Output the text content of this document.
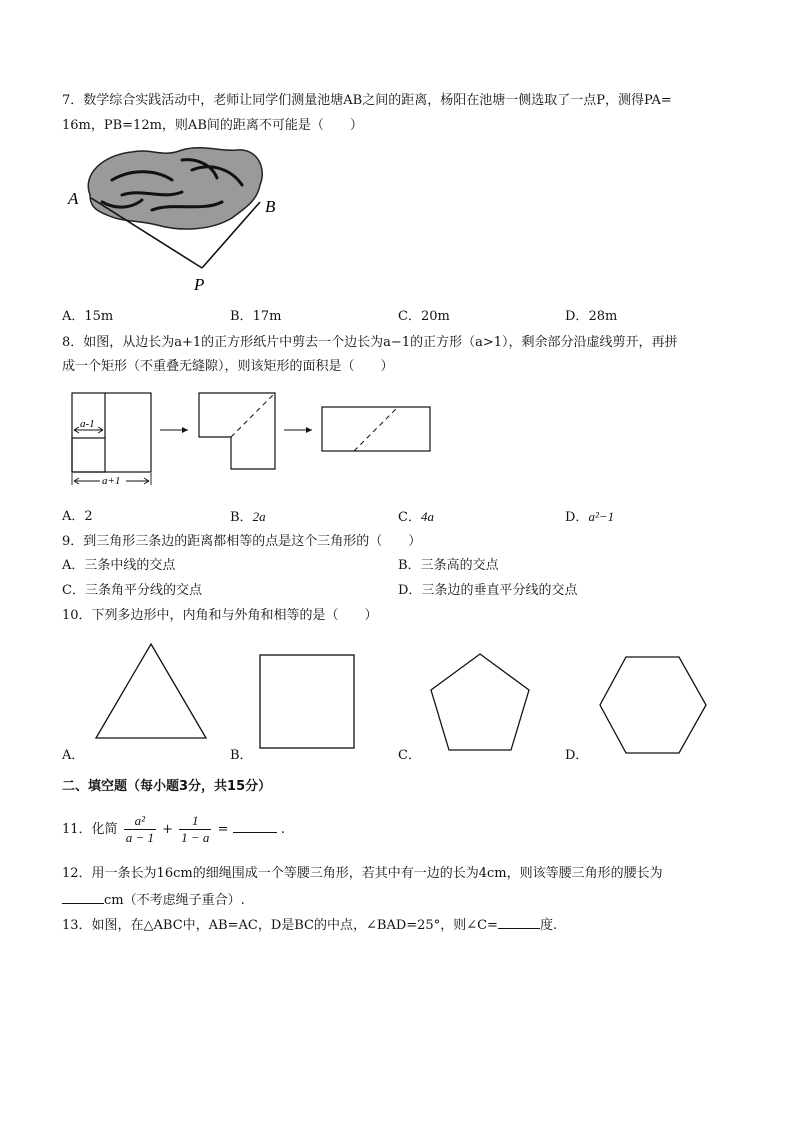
7．数学综合实践活动中，老师让同学们测量池塘AB之间的距离，杨阳在池塘一侧选取了一点P，测得PA=
16m，PB=12m，则AB间的距离不可能是（　　）
A	B
P
A．15m	B．17m	C．20m	D．28m
8．如图，从边长为a+1的正方形纸片中剪去一个边长为a−1的正方形（a>1），剩余部分沿虚线剪开，再拼
成一个矩形（不重叠无缝隙），则该矩形的面积是（　　）
a-1
a+1
A．2	B．2a	C．4a	D．a²−1
9．到三角形三条边的距离都相等的点是这个三角形的（　　）
A．三条中线的交点	B．三条高的交点
C．三条角平分线的交点	D．三条边的垂直平分线的交点
10．下列多边形中，内角和与外角和相等的是（　　）
A．	B．	C．	D．
二、填空题（每小题3分，共15分）
11．化简 $\frac{\text{a²}}{a - 1} + \frac{1}{1 - a}$ =	.
12．用一条长为16cm的细绳围成一个等腰三角形，若其中有一边的长为4cm，则该等腰三角形的腰长为
cm（不考虑绳子重合）.
13．如图，在△ABC中，AB=AC，D是BC的中点，∠BAD=25°，则∠C=	度.
